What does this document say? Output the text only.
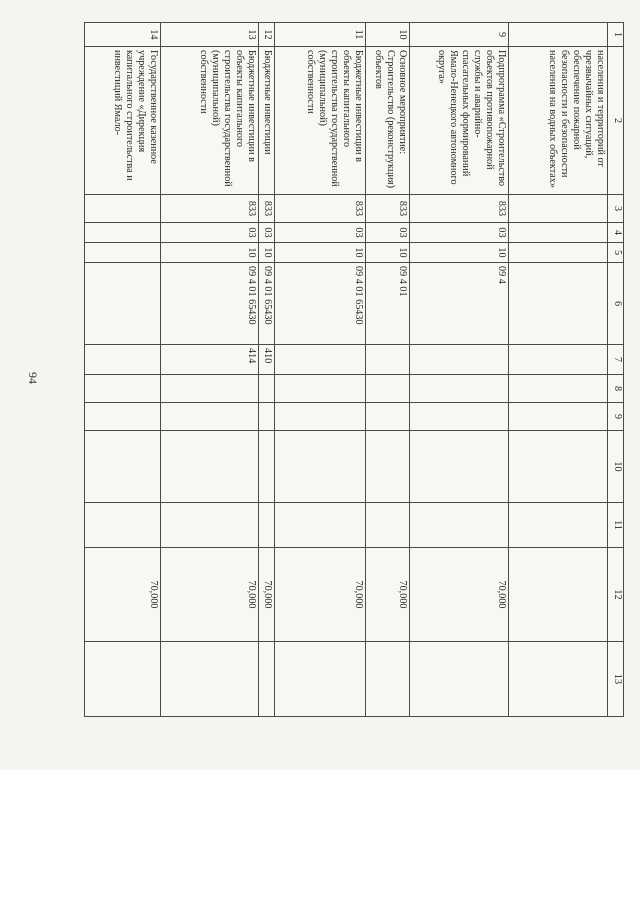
94
1	2	3	4	5	6	7	8	9	10	11	12	13
	населения и территорий от чрезвычайных ситуаций, обеспечение пожарной безопасности и безопасности населения на водных объектах»											
9	Подпрограмма «Строительство объектов противопожарной службы и аварийно-спасательных формирований Ямало-Ненецкого автономного округа»	833	03	10	09 4						70,000	
10	Основное мероприятие: Строительство (реконструкция) объектов	833	03	10	09 4 01						70,000	
11	Бюджетные инвестиции в объекты капитального строительства государственной (муниципальной) собственности	833	03	10	09 4 01 65430						70,000	
12	Бюджетные инвестиции	833	03	10	09 4 01 65430	410					70,000	
13	Бюджетные инвестиции в объекты капитального строительства государственной (муниципальной) собственности	833	03	10	09 4 01 65430	414					70,000	
14	Государственное казенное учреждение «Дирекция капитального строительства и инвестиций Ямало-										70,000	
